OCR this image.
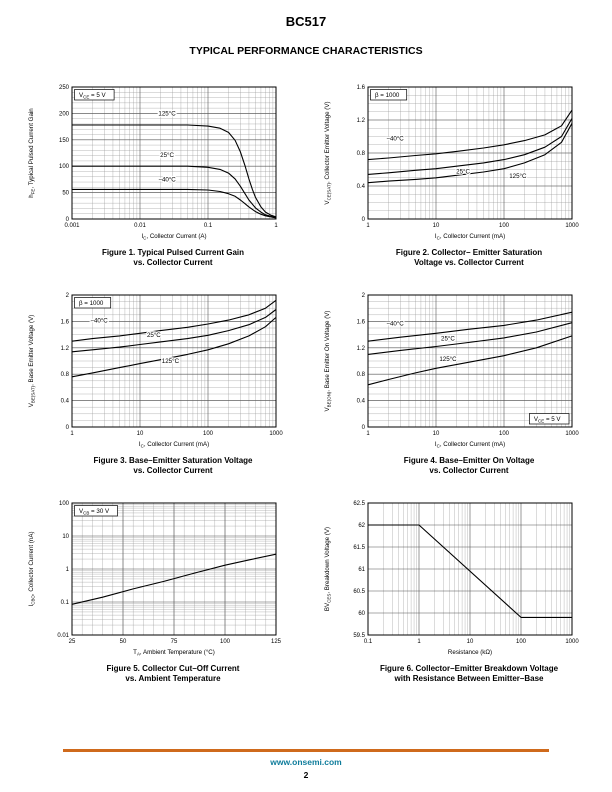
BC517
TYPICAL PERFORMANCE CHARACTERISTICS
0.001	0.01	0.1	1
0
50
100
150
200
250
$I_C$, Collector Current (A)
$h_{FE}$, Typical Pulsed Current Gain	125°C
25°C
−40°C
$V_{CE} = 5$ V
Figure 1. Typical Pulsed Current Gain
vs. Collector Current
1	10	100	1000
0
0.4
0.8
1.2
1.6
$I_C$, Collector Current (mA)
$V_{CE(SAT)}$, Collector Emitter Voltage (V)	−40°C
25°C
125°C
β = 1000
Figure 2. Collector– Emitter Saturation
Voltage vs. Collector Current
1	10	100	1000
0
0.4
0.8
1.2
1.6
2
$I_C$, Collector Current (mA)
$V_{BE(SAT)}$, Base Emitter Voltage (V)	−40°C
25°C
125°C
β = 1000
Figure 3. Base–Emitter Saturation Voltage
vs. Collector Current
1	10	100	1000
0
0.4
0.8
1.2
1.6
2
$I_C$, Collector Current (mA)
$V_{BE(ON)}$, Base Emitter On Voltage (V)	−40°C
25°C
125°C
$V_{CE} = 5$ V
Figure 4. Base–Emitter On Voltage
vs. Collector Current
25	50	75	100	125
0.01
0.1
1
10
100
$T_A$, Ambient Temperature (°C)
$I_{CBO}$, Collector Current (nA)
$V_{CB} = 30$ V
Figure 5. Collector Cut–Off Current
vs. Ambient Temperature
0.1	1	10	100	1000
59.5
60
60.5
61
61.5
62
62.5
Resistance (kΩ)
$BV_{CES}$, Breakdown Voltage (V)
Figure 6. Collector–Emitter Breakdown Voltage
with Resistance Between Emitter–Base
www.onsemi.com
2
